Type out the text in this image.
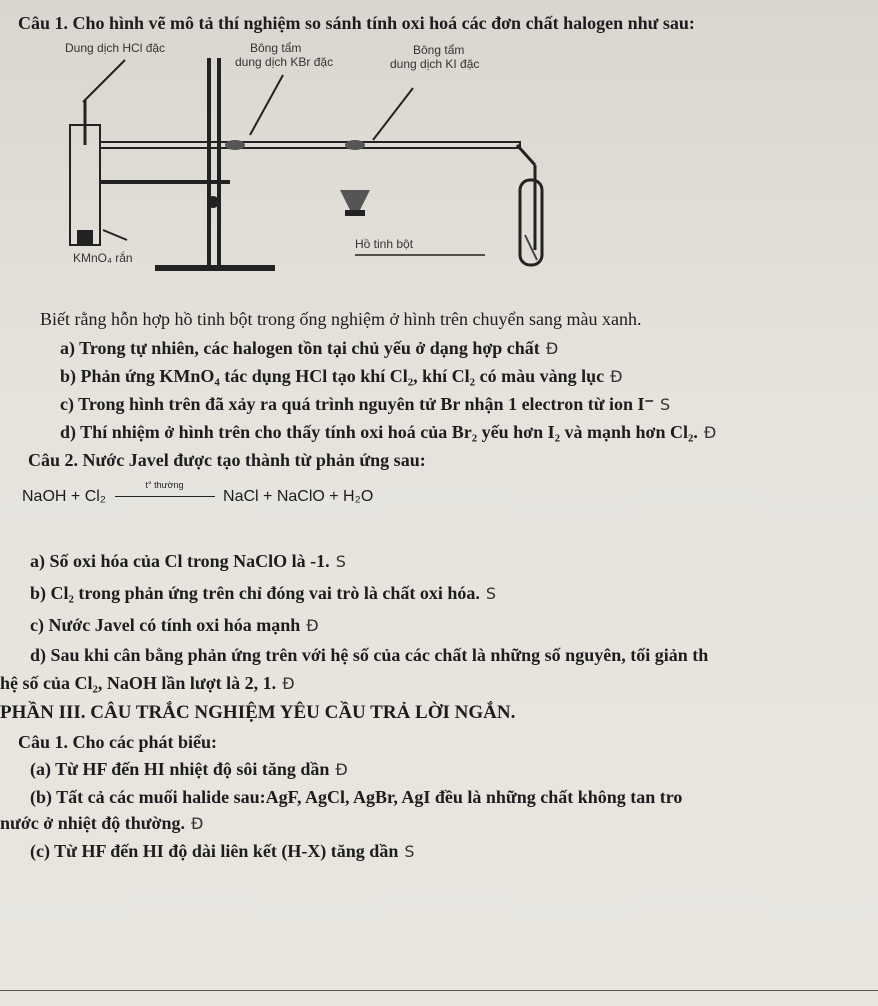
Câu 1. Cho hình vẽ mô tả thí nghiệm so sánh tính oxi hoá các đơn chất halogen như sau:
Dung dịch HCl đặc	Bông tẩm
dung dịch KBr đặc
Bông tẩm
dung dịch KI đặc
KMnO₄ rắn
Hồ tinh bột
Biết rằng hỗn hợp hồ tinh bột trong ống nghiệm ở hình trên chuyển sang màu xanh.
a) Trong tự nhiên, các halogen tồn tại chủ yếu ở dạng hợp chất Đ
b) Phản ứng KMnO₄ tác dụng HCl tạo khí Cl₂, khí Cl₂ có màu vàng lục Đ
c) Trong hình trên đã xảy ra quá trình nguyên tử Br nhận 1 electron từ ion I⁻ S
d) Thí nhiệm ở hình trên cho thấy tính oxi hoá của Br₂ yếu hơn I₂ và mạnh hơn Cl₂. Đ
Câu 2. Nước Javel được tạo thành từ phản ứng sau:
NaOH + Cl₂
t° thường
NaCl + NaClO + H₂O
a) Số oxi hóa của Cl trong NaClO là -1. S
b) Cl₂ trong phản ứng trên chỉ đóng vai trò là chất oxi hóa. S
c) Nước Javel có tính oxi hóa mạnh Đ
d) Sau khi cân bằng phản ứng trên với hệ số của các chất là những số nguyên, tối giản th
hệ số của Cl₂, NaOH lần lượt là 2, 1. Đ
PHẦN III. CÂU TRẮC NGHIỆM YÊU CẦU TRẢ LỜI NGẮN.
Câu 1. Cho các phát biểu:
(a) Từ HF đến HI nhiệt độ sôi tăng dần Đ
(b) Tất cả các muối halide sau:AgF, AgCl, AgBr, AgI đều là những chất không tan tro
nước ở nhiệt độ thường. Đ
(c) Từ HF đến HI độ dài liên kết (H-X) tăng dần S
